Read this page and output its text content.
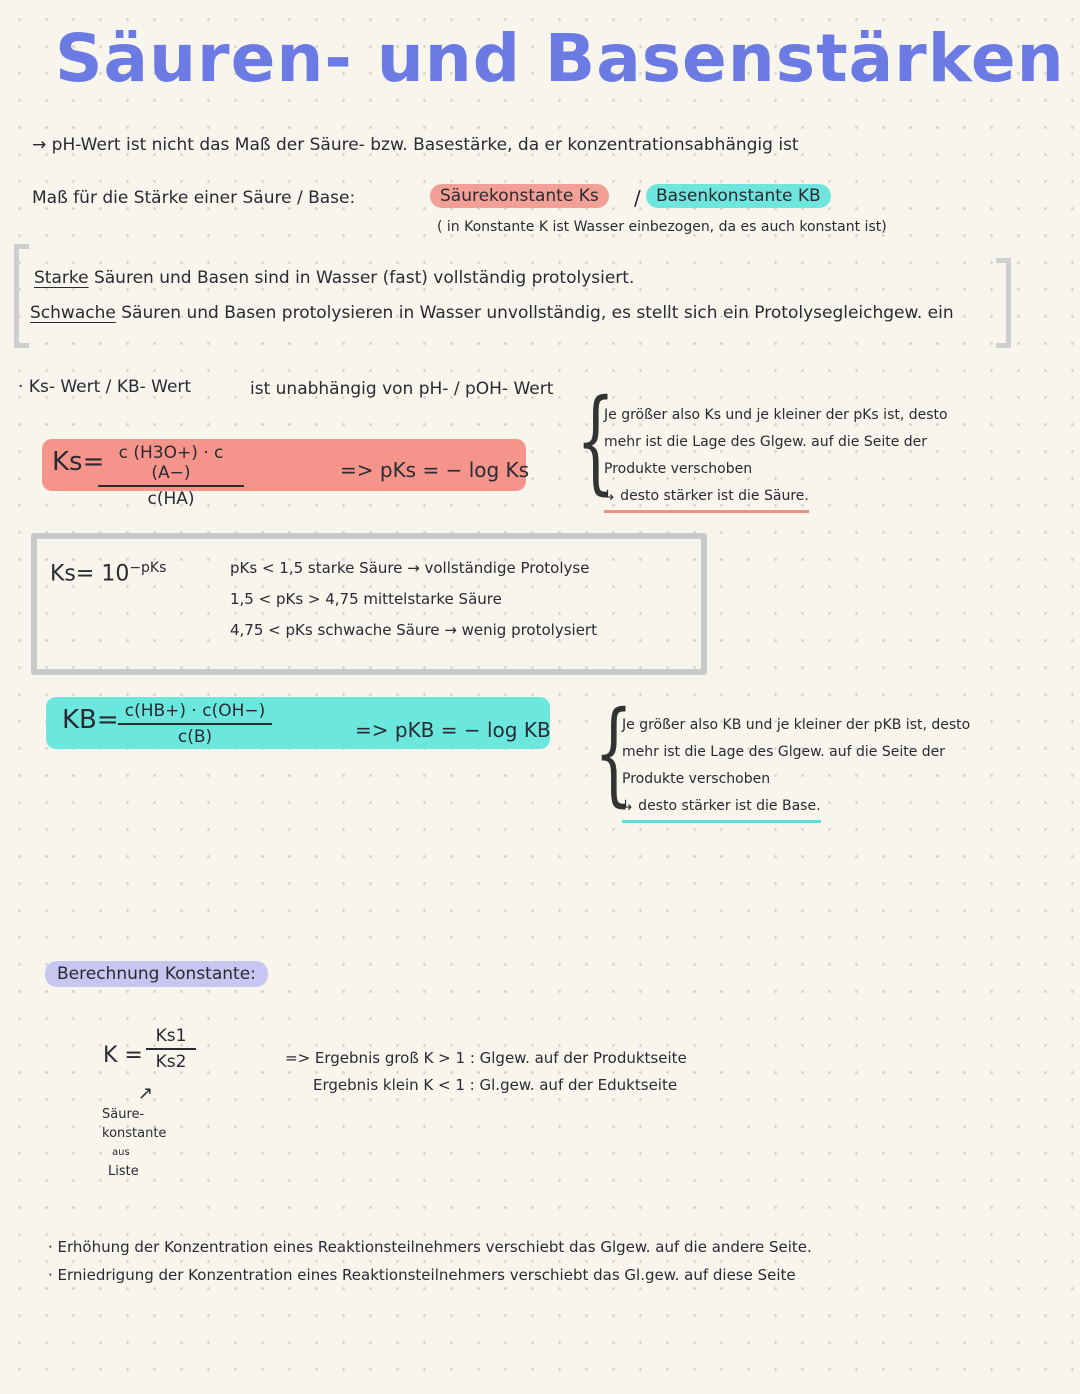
Säuren- und Basenstärken
→ pH-Wert ist nicht das Maß der Säure- bzw. Basestärke, da er konzentrationsabhängig ist
Maß für die Stärke einer Säure / Base:	Säurekonstante Ks	/ Basenkonstante KB
( in Konstante K ist Wasser einbezogen, da es auch konstant ist)
Starke Säuren und Basen sind in Wasser (fast) vollständig protolysiert.
Schwache Säuren und Basen protolysieren in Wasser unvollständig, es stellt sich ein Protolysegleichgew. ein
· Ks- Wert / KB- Wert	ist unabhängig von pH- / pOH- Wert
Ks=
$\frac{c (H3O+) \cdot c (A-)}{c(HA)}$	=> pKs = − log Ks {
Je größer also Ks und je kleiner der pKs ist, desto
mehr ist die Lage des Glgew. auf die Seite der
Produkte verschoben
↳ desto stärker ist die Säure.
$Ks= 10^{-pKs}$	pKs < 1,5 starke Säure → vollständige Protolyse
1,5 < pKs > 4,75 mittelstarke Säure
4,75 < pKs schwache Säure → wenig protolysiert
$KB= \frac{c(HB+) \cdot c(OH-)}{c(B)}$	=> pKB = − log KB {
Je größer also KB und je kleiner der pKB ist, desto
mehr ist die Lage des Glgew. auf die Seite der
Produkte verschoben
↳ desto stärker ist die Base.
Berechnung Konstante:
$K = \frac{Ks1}{Ks2}$
↗
Säure-
konstante
aus
Liste
=> Ergebnis groß K > 1 : Glgew. auf der Produktseite
Ergebnis klein K < 1 : Gl.gew. auf der Eduktseite
· Erhöhung der Konzentration eines Reaktionsteilnehmers verschiebt das Glgew. auf die andere Seite.
· Erniedrigung der Konzentration eines Reaktionsteilnehmers verschiebt das Gl.gew. auf diese Seite
